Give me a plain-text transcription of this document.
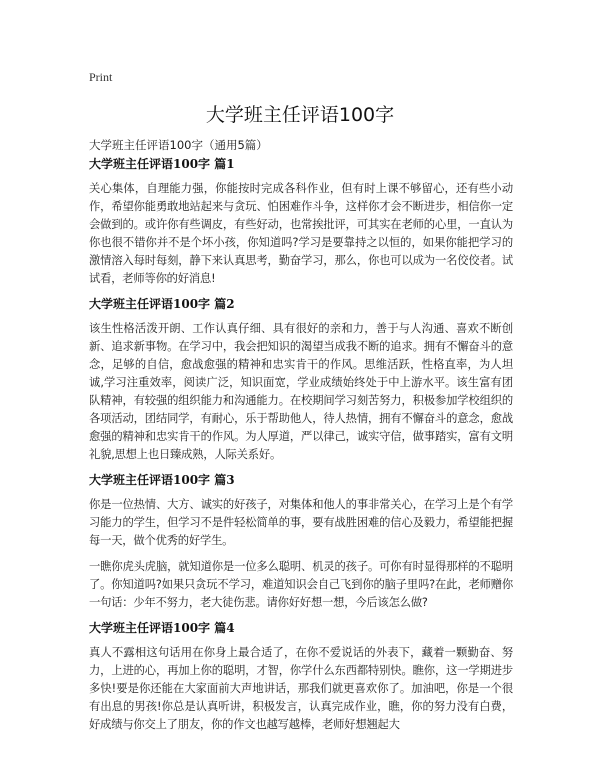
Print
大学班主任评语100字
大学班主任评语100字（通用5篇）
大学班主任评语100字 篇1

关心集体，自理能力强，你能按时完成各科作业，但有时上课不够留心，还有些小动作，希望你能勇敢地站起来与贪玩、怕困难作斗争，这样你才会不断进步，相信你一定会做到的。或许你有些调皮，有些好动，也常挨批评，可其实在老师的心里，一直认为你也很不错你并不是个坏小孩，你知道吗?学习是要靠持之以恒的，如果你能把学习的激情溶入每时每刻，静下来认真思考，勤奋学习，那么，你也可以成为一名佼佼者。试试看，老师等你的好消息!

大学班主任评语100字 篇2

该生性格活泼开朗、工作认真仔细、具有很好的亲和力，善于与人沟通、喜欢不断创新、追求新事物。在学习中，我会把知识的渴望当成我不断的追求。拥有不懈奋斗的意念，足够的自信，愈战愈强的精神和忠实肯干的作风。思维活跃，性格直率，为人坦诚,学习注重效率，阅读广泛，知识面宽，学业成绩始终处于中上游水平。该生富有团队精神，有较强的组织能力和沟通能力。在校期间学习刻苦努力，积极参加学校组织的各项活动，团结同学，有耐心，乐于帮助他人，待人热情，拥有不懈奋斗的意念，愈战愈强的精神和忠实肯干的作风。为人厚道，严以律己，诚实守信，做事踏实，富有文明礼貌,思想上也日臻成熟，人际关系好。

大学班主任评语100字 篇3

你是一位热情、大方、诚实的好孩子，对集体和他人的事非常关心，在学习上是个有学习能力的学生，但学习不是件轻松简单的事，要有战胜困难的信心及毅力，希望能把握每一天，做个优秀的好学生。

一瞧你虎头虎脑，就知道你是一位多么聪明、机灵的孩子。可你有时显得那样的不聪明了。你知道吗?如果只贪玩不学习，难道知识会自己飞到你的脑子里吗?在此，老师赠你一句话：少年不努力，老大徒伤悲。请你好好想一想，今后该怎么做?

大学班主任评语100字 篇4

真人不露相这句话用在你身上最合适了，在你不爱说话的外表下，藏着一颗勤奋、努力，上进的心，再加上你的聪明，才智，你学什么东西都特别快。瞧你，这一学期进步多快!要是你还能在大家面前大声地讲话，那我们就更喜欢你了。加油吧，你是一个很有出息的男孩!你总是认真听讲，积极发言，认真完成作业，瞧，你的努力没有白费，好成绩与你交上了朋友，你的作文也越写越棒，老师好想翘起大
